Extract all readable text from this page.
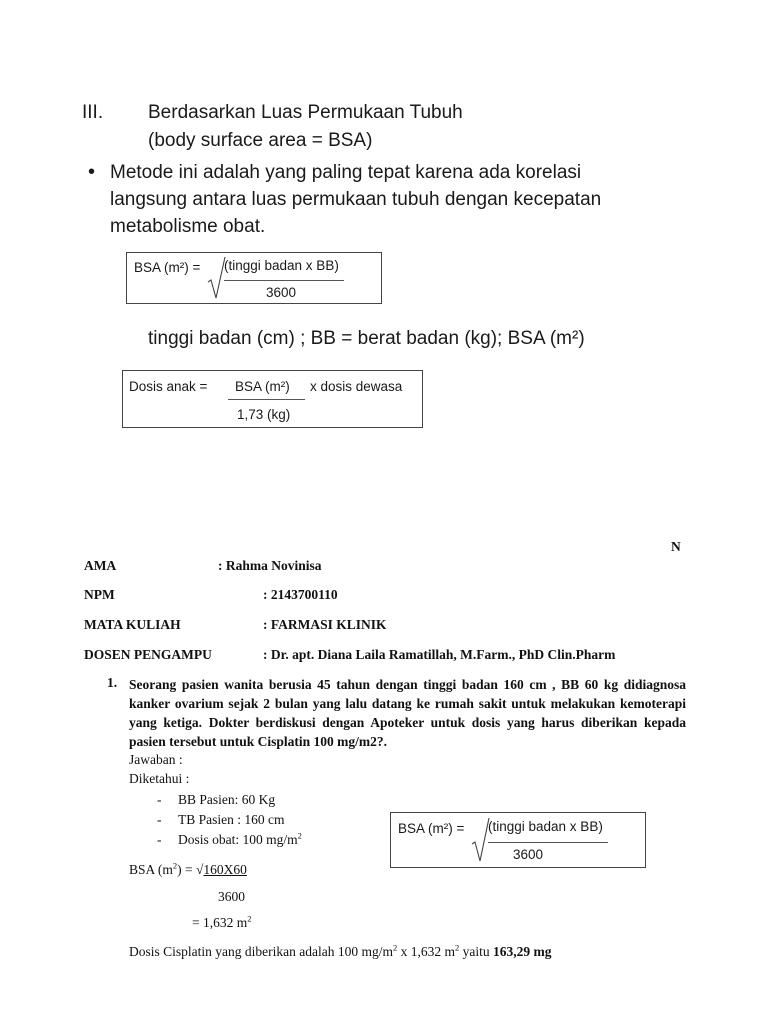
III. Berdasarkan Luas Permukaan Tubuh
(body surface area = BSA)
• Metode ini adalah yang paling tepat karena ada korelasi
langsung antara luas permukaan tubuh dengan kecepatan
metabolisme obat.
BSA (m²) = (tinggi badan x BB)
3600
tinggi badan (cm) ; BB = berat badan (kg); BSA (m²)
Dosis anak = BSA (m²) x dosis dewasa
1,73 (kg)
N
AMA	: Rahma Novinisa
NPM	: 2143700110
MATA KULIAH	: FARMASI KLINIK
DOSEN PENGAMPU	: Dr. apt. Diana Laila Ramatillah, M.Farm., PhD Clin.Pharm
1. Seorang pasien wanita berusia 45 tahun dengan tinggi badan 160 cm , BB 60 kg didiagnosa kanker ovarium sejak 2 bulan yang lalu datang ke rumah sakit untuk melakukan kemoterapi yang ketiga. Dokter berdiskusi dengan Apoteker untuk dosis yang harus diberikan kepada pasien tersebut untuk Cisplatin 100 mg/m2?.
Jawaban :
Diketahui :
- BB Pasien: 60 Kg
- TB Pasien : 160 cm
- Dosis obat: 100 $mg/m^2$	BSA (m²) = (tinggi badan x BB)
3600
BSA $(m^2) = √160X60$
3600
= 1,632 $m^2$
Dosis Cisplatin yang diberikan adalah 100 $mg/m^2$ x 1,632 $m^2$ yaitu 163,29 mg
